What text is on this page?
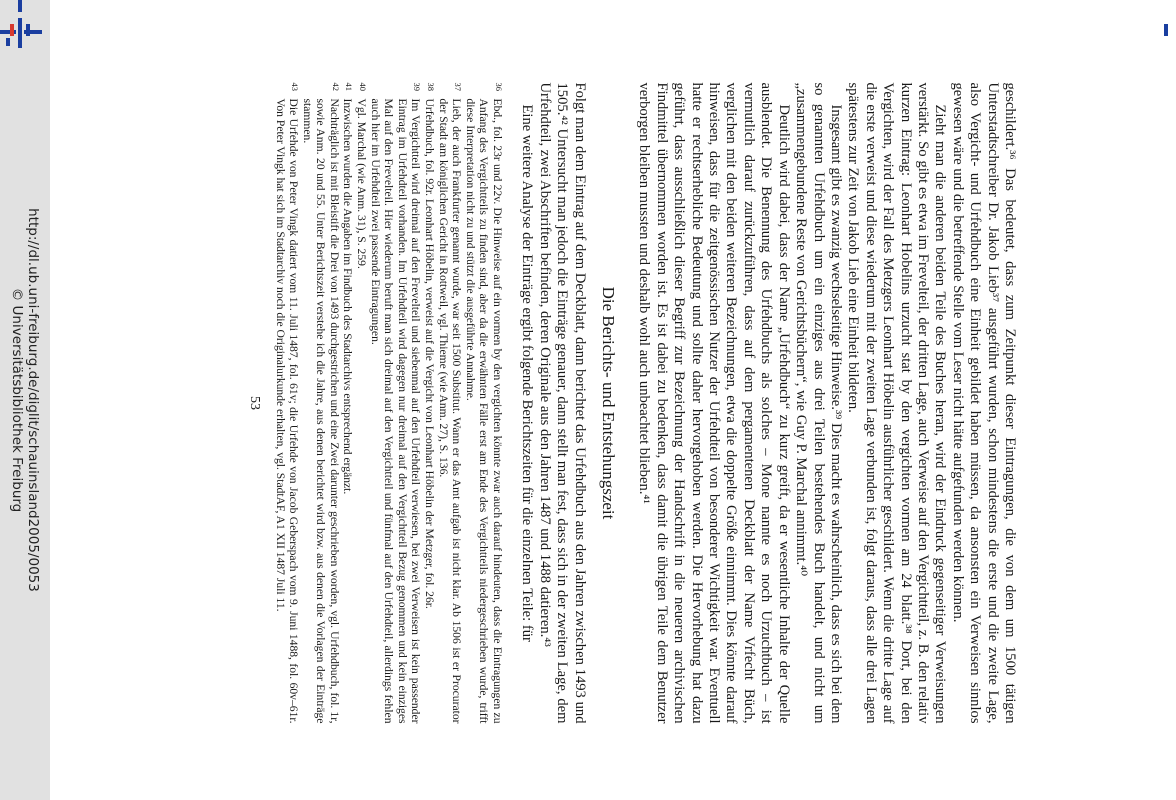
http://dl.ub.uni-freiburg.de/diglit/schauinsland2005/0053
© Universitätsbibliothek Freiburg	geschildert.³⁶ Das bedeutet, dass zum Zeitpunkt dieser Eintragungen, die von dem um 1500 tätigen Unterstadtschreiber Dr. Jakob Lieb³⁷ ausgeführt wurden, schon mindestens die erste und die zweite Lage, also Vergicht- und Urfehdbuch eine Einheit gebildet haben müssen, da ansonsten ein Verweisen sinnlos gewesen wäre und die betreffende Stelle vom Leser nicht hätte aufgefunden werden können.

Zieht man die anderen beiden Teile des Buches heran, wird der Eindruck gegenseitiger Verweisungen verstärkt. So gibt es etwa im Frevelteil, der dritten Lage, auch Verweise auf den Vergichtteil, z. B. den relativ kurzen Eintrag: Leonhart Hobelins urzucht stat by den vergichten vormen am 24 blatt.³⁸ Dort, bei den Vergichten, wird der Fall des Metzgers Leonhart Höbelin ausführlicher geschildert. Wenn die dritte Lage auf die erste verweist und diese wiederum mit der zweiten Lage verbunden ist, folgt daraus, dass alle drei Lagen spätestens zur Zeit von Jakob Lieb eine Einheit bildeten.

Insgesamt gibt es zwanzig wechselseitige Hinweise.³⁹ Dies macht es wahrscheinlich, dass es sich bei dem so genannten Urfehdbuch um ein einziges aus drei Teilen bestehendes Buch handelt, und nicht um „zusammengebundene Reste von Gerichtsbüchern“, wie Guy P. Marchal annimmt.⁴⁰

Deutlich wird dabei, dass der Name „Urfehdbuch“ zu kurz greift, da er wesentliche Inhalte der Quelle ausblendet. Die Benennung des Urfehdbuchs als solches – Mone nannte es noch Urzuchtbuch – ist vermutlich darauf zurückzuführen, dass auf dem pergamentenen Deckblatt der Name Vrfecht Büch, verglichen mit den beiden weiteren Bezeichnungen, etwa die doppelte Größe einnimmt. Dies könnte darauf hinweisen, dass für die zeitgenössischen Nutzer der Urfehdteil von besonderer Wichtigkeit war. Eventuell hatte er rechtserhebliche Bedeutung und sollte daher hervorgehoben werden. Die Hervorhebung hat dazu geführt, dass ausschließlich dieser Begriff zur Bezeichnung der Handschrift in die neueren archivischen Findmittel übernommen worden ist. Es ist dabei zu bedenken, dass damit die übrigen Teile dem Benutzer verborgen bleiben mussten und deshalb wohl auch unbeachtet blieben.⁴¹

Die Berichts- und Entstehungszeit

Folgt man dem Eintrag auf dem Deckblatt, dann berichtet das Urfehdbuch aus den Jahren zwischen 1493 und 1505.⁴² Untersucht man jedoch die Einträge genauer, dann stellt man fest, dass sich in der zweiten Lage, dem Urfehdteil, zwei Abschriften befinden, deren Originale aus den Jahren 1487 und 1488 datieren.⁴³

Eine weitere Analyse der Einträge ergibt folgende Berichtszeiten für die einzelnen Teile: für

36
Ebd., fol. 23r und 22v. Die Hinweise auf ein vormen by den vergichten könnte zwar auch darauf hindeuten, dass die Eintragungen zu Anfang des Vergichtteils zu finden sind, aber da die erwähnten Fälle erst am Ende des Vergichtteils niedergeschrieben wurde, trifft diese Interpretation nicht zu und stützt die ausgeführte Annahme.
37
Lieb, der auch Frankfurter genannt wurde, war seit 1500 Substitut. Wann er das Amt aufgab ist nicht klar. Ab 1506 ist er Procurator der Stadt am königlichen Gericht in Rottweil, vgl. Thieme (wie Anm. 27), S. 136.
38
Urfehdbuch, fol. 92r. Leonhart Höbelin, verweist auf die Vergicht von Leonhart Höbelin der Metzger, fol. 26r.
39
Im Vergichtteil wird dreimal auf den Frevelteil und siebenmal auf den Urfehdteil verwiesen, bei zwei Verweisen ist kein passender Eintrag im Urfehdteil vorhanden. Im Urfehdteil wird dagegen nur dreimal auf den Vergichtteil Bezug genommen und kein einziges Mal auf den Frevelteil. Hier wiederum beruft man sich dreimal auf den Vergichtteil und fünfmal auf den Urfehdteil, allerdings fehlen auch hier im Urfehdteil zwei passende Eintragungen.
40
Vgl. Marchal (wie Anm. 31), S. 259.
41
Inzwischen wurden die Angaben im Findbuch des Stadtarchivs entsprechend ergänzt.
42
Nachträglich ist mit Bleistift die Drei von 1493 durchgestrichen und eine Zwei darunter geschrieben worden, vgl. Urfehdbuch, fol. 1r, sowie Anm. 20 und 55. Unter Berichtszeit verstehe ich die Jahre, aus denen berichtet wird bzw. aus denen die Vorlagen der Einträge stammen.
43
Die Urfehde von Peter Vingk datiert vom 11. Juli 1487, fol. 61v; die Urfehde von Jacob Geberspach vom 9. Juni 1488, fol. 60v–61r. Von Peter Vingk hat sich im Stadtarchiv noch die Originalurkunde erhalten, vgl. StadtAF, A1 XII 1487 Juli 11.
53
